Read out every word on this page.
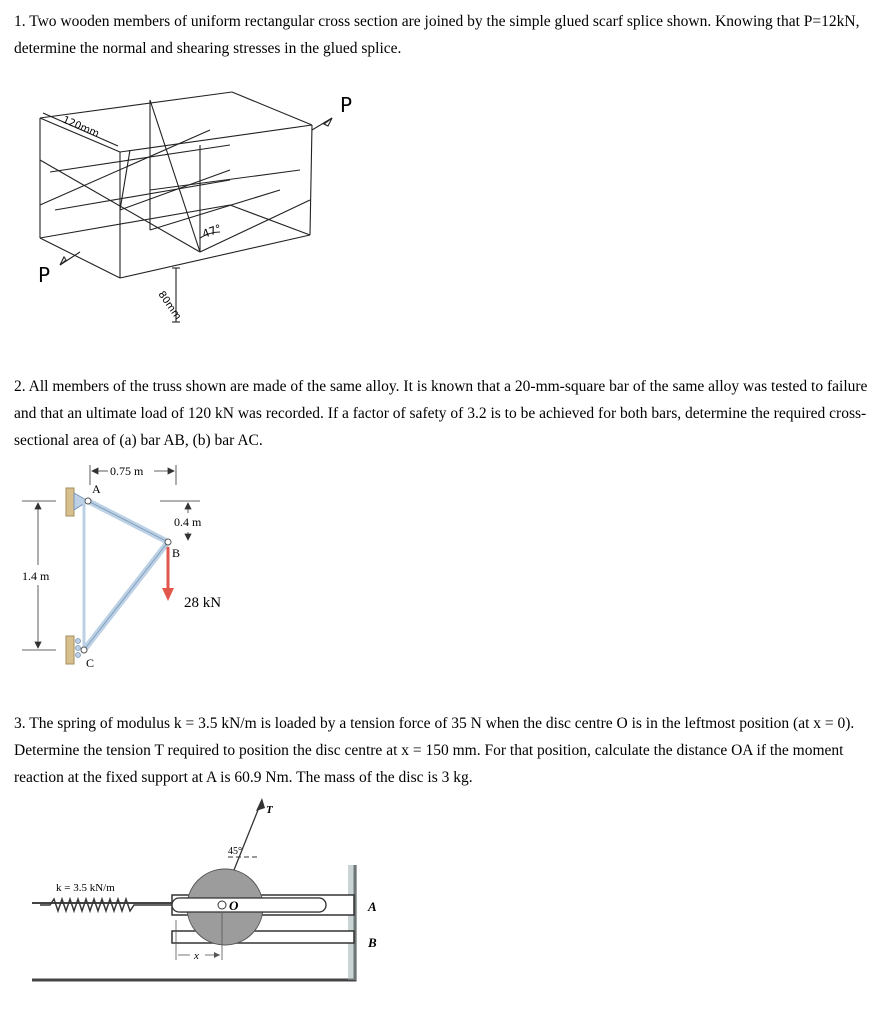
1. Two wooden members of uniform rectangular cross section are joined by the simple glued scarf splice shown. Knowing that P=12kN, determine the normal and shearing stresses in the glued splice.

P
P
120mm
80mm
47°

2. All members of the truss shown are made of the same alloy. It is known that a 20-mm-square bar of the same alloy was tested to failure and that an ultimate load of 120 kN was recorded. If a factor of safety of 3.2 is to be achieved for both bars, determine the required cross-sectional area of (a) bar AB, (b) bar AC.

0.75 m
0.4 m
1.4 m
28 kN
A
B
C

3. The spring of modulus k = 3.5 kN/m is loaded by a tension force of 35 N when the disc centre O is in the leftmost position (at x = 0). Determine the tension T required to position the disc centre at x = 150 mm. For that position, calculate the distance OA if the moment reaction at the fixed support at A is 60.9 Nm. The mass of the disc is 3 kg.

k = 3.5 kN/m
T
45°
O	A
B
x
